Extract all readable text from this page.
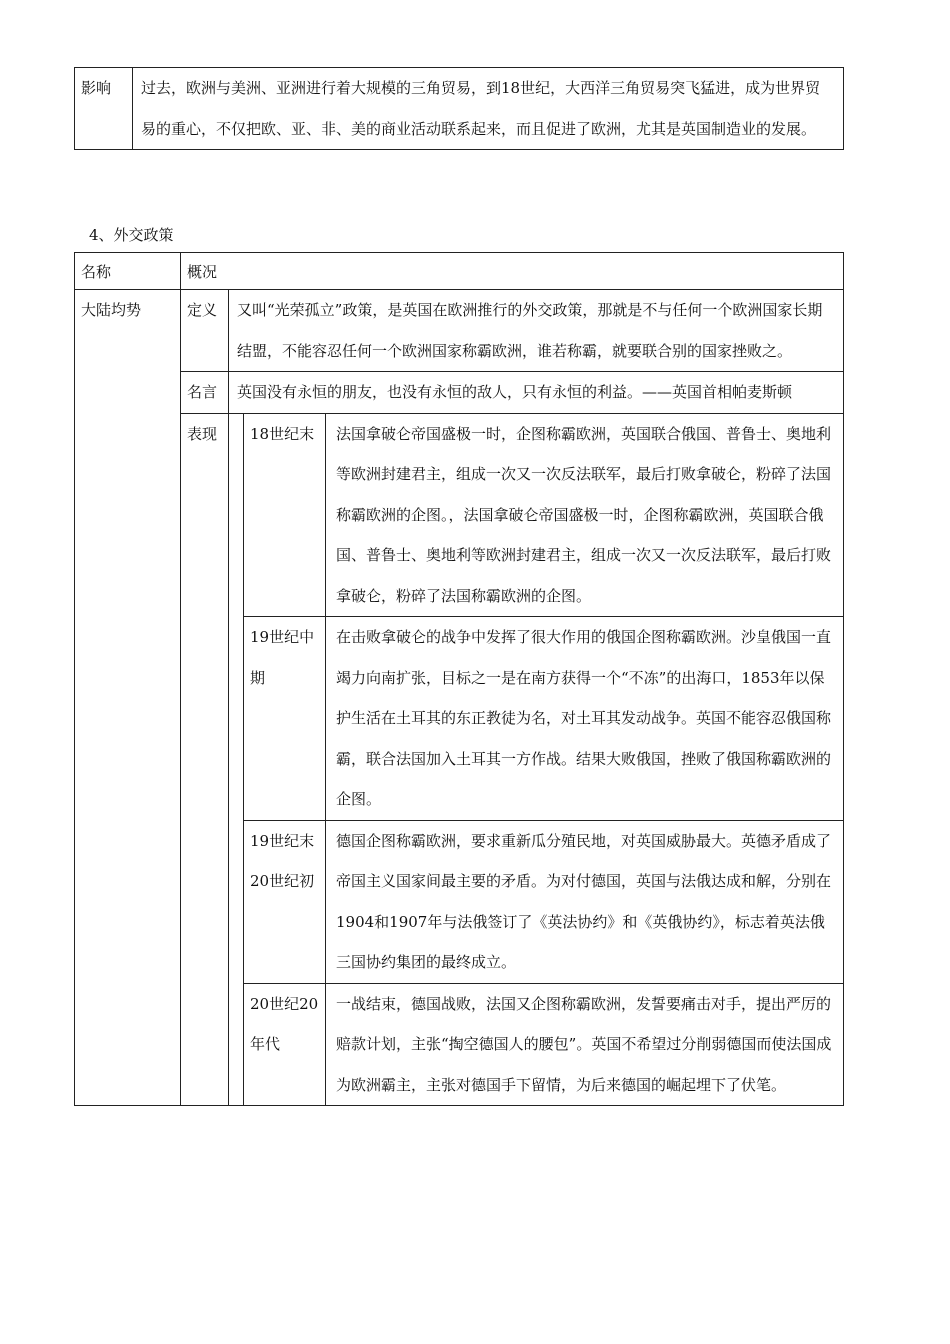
影响	过去，欧洲与美洲、亚洲进行着大规模的三角贸易，到18世纪，大西洋三角贸易突飞猛进，成为世界贸易的重心，不仅把欧、亚、非、美的商业活动联系起来，而且促进了欧洲，尤其是英国制造业的发展。
4、外交政策
名称	概况			
大陆均势	定义	又叫“光荣孤立”政策，是英国在欧洲推行的外交政策，那就是不与任何一个欧洲国家长期结盟，不能容忍任何一个欧洲国家称霸欧洲，谁若称霸，就要联合别的国家挫败之。		
	名言	英国没有永恒的朋友，也没有永恒的敌人，只有永恒的利益。——英国首相帕麦斯顿		
	表现		18世纪末	法国拿破仑帝国盛极一时，企图称霸欧洲，英国联合俄国、普鲁士、奥地利等欧洲封建君主，组成一次又一次反法联军，最后打败拿破仑，粉碎了法国称霸欧洲的企图。，法国拿破仑帝国盛极一时，企图称霸欧洲，英国联合俄国、普鲁士、奥地利等欧洲封建君主，组成一次又一次反法联军，最后打败拿破仑，粉碎了法国称霸欧洲的企图。
			19世纪中期	在击败拿破仑的战争中发挥了很大作用的俄国企图称霸欧洲。沙皇俄国一直竭力向南扩张，目标之一是在南方获得一个“不冻”的出海口，1853年以保护生活在土耳其的东正教徒为名，对土耳其发动战争。英国不能容忍俄国称霸，联合法国加入土耳其一方作战。结果大败俄国，挫败了俄国称霸欧洲的企图。
			19世纪末20世纪初	德国企图称霸欧洲，要求重新瓜分殖民地，对英国威胁最大。英德矛盾成了帝国主义国家间最主要的矛盾。为对付德国，英国与法俄达成和解，分别在1904和1907年与法俄签订了《英法协约》和《英俄协约》，标志着英法俄三国协约集团的最终成立。
			20世纪20年代	一战结束，德国战败，法国又企图称霸欧洲，发誓要痛击对手，提出严厉的赔款计划，主张“掏空德国人的腰包”。英国不希望过分削弱德国而使法国成为欧洲霸主，主张对德国手下留情，为后来德国的崛起埋下了伏笔。
